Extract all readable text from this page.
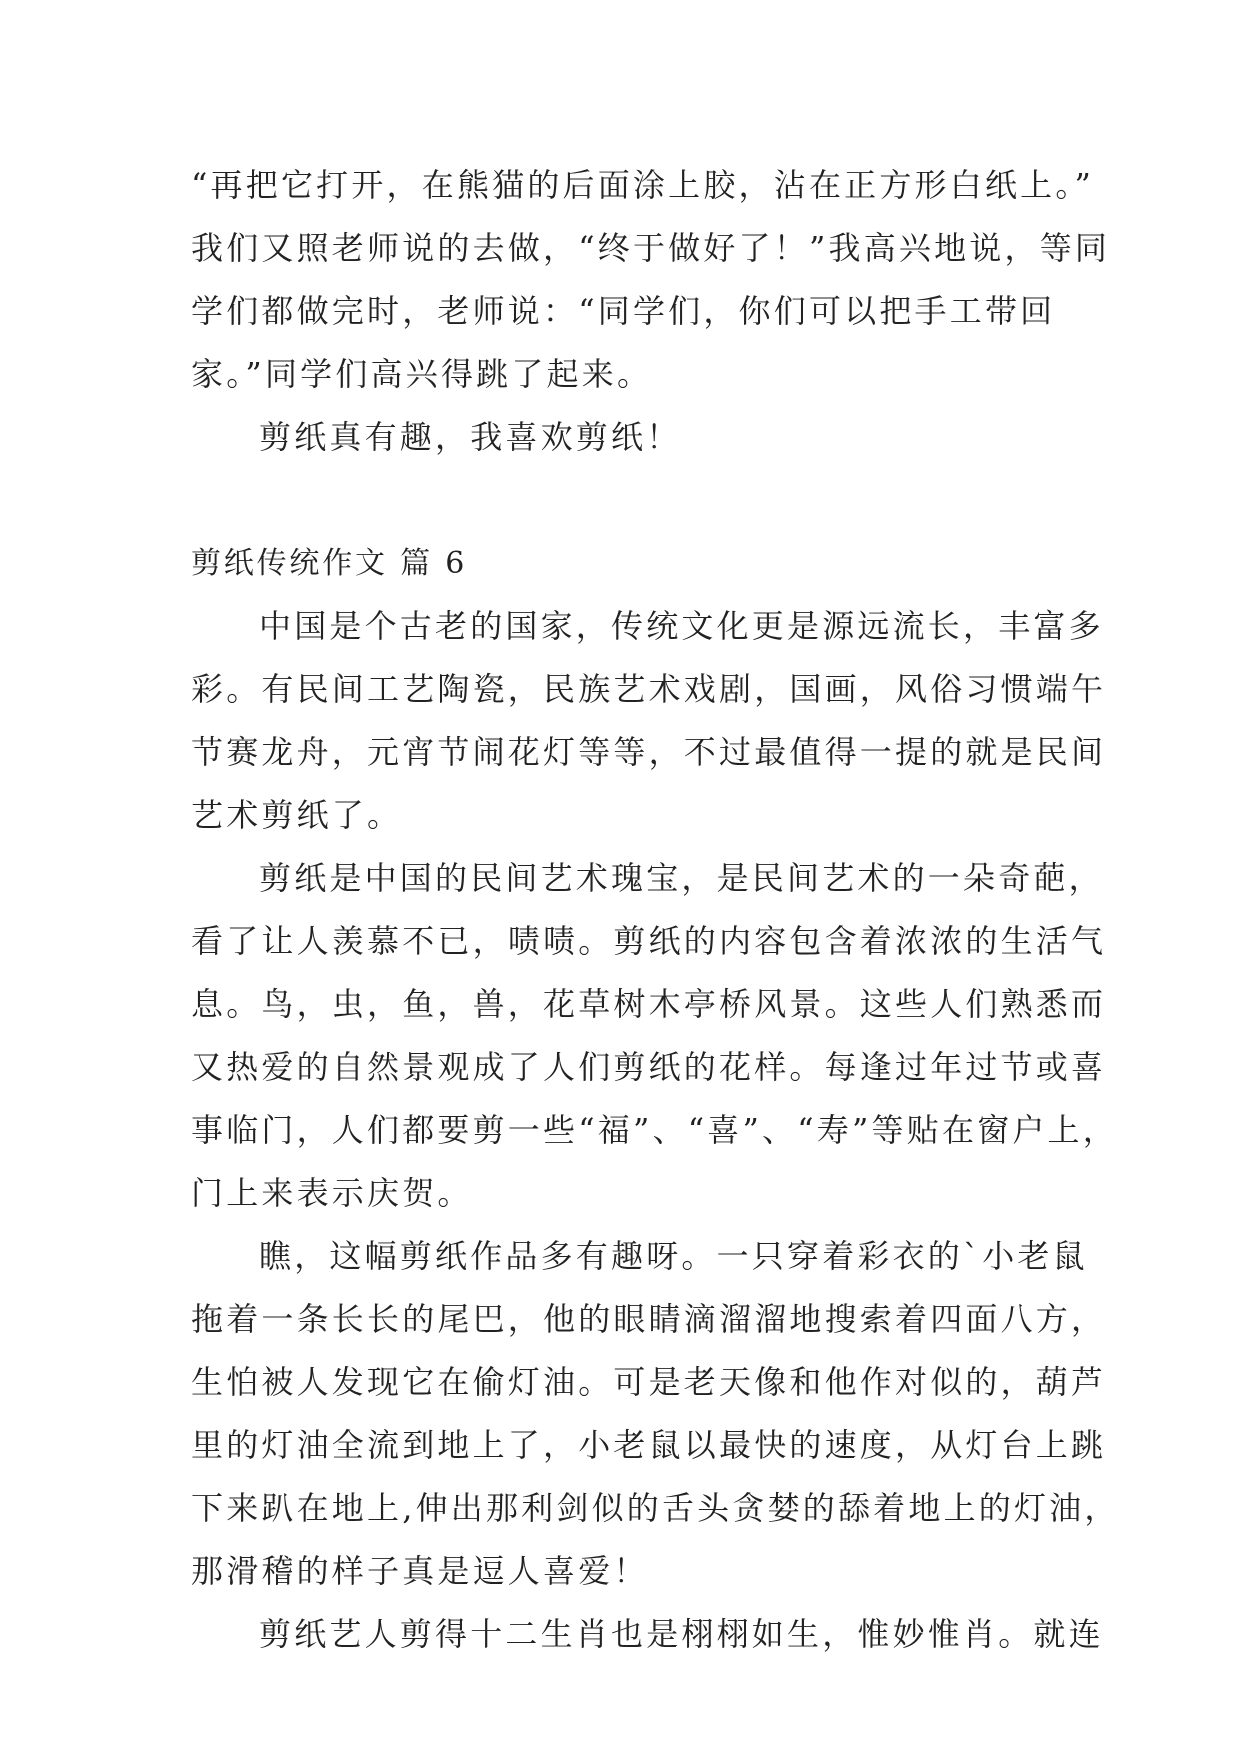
“再把它打开，在熊猫的后面涂上胶，沾在正方形白纸上。”
我们又照老师说的去做，“终于做好了！”我高兴地说，等同
学们都做完时，老师说：“同学们，你们可以把手工带回
家。”同学们高兴得跳了起来。
剪纸真有趣，我喜欢剪纸！
剪纸传统作文 篇 6
中国是个古老的国家，传统文化更是源远流长，丰富多
彩。有民间工艺陶瓷，民族艺术戏剧，国画，风俗习惯端午
节赛龙舟，元宵节闹花灯等等，不过最值得一提的就是民间
艺术剪纸了。
剪纸是中国的民间艺术瑰宝，是民间艺术的一朵奇葩，
看了让人羡慕不已，啧啧。剪纸的内容包含着浓浓的生活气
息。鸟，虫，鱼，兽，花草树木亭桥风景。这些人们熟悉而
又热爱的自然景观成了人们剪纸的花样。每逢过年过节或喜
事临门，人们都要剪一些“福”、“喜”、“寿”等贴在窗户上，
门上来表示庆贺。
瞧，这幅剪纸作品多有趣呀。一只穿着彩衣的`小老鼠
拖着一条长长的尾巴，他的眼睛滴溜溜地搜索着四面八方，
生怕被人发现它在偷灯油。可是老天像和他作对似的，葫芦
里的灯油全流到地上了，小老鼠以最快的速度，从灯台上跳
下来趴在地上,伸出那利剑似的舌头贪婪的舔着地上的灯油，
那滑稽的样子真是逗人喜爱！
剪纸艺人剪得十二生肖也是栩栩如生，惟妙惟肖。就连
